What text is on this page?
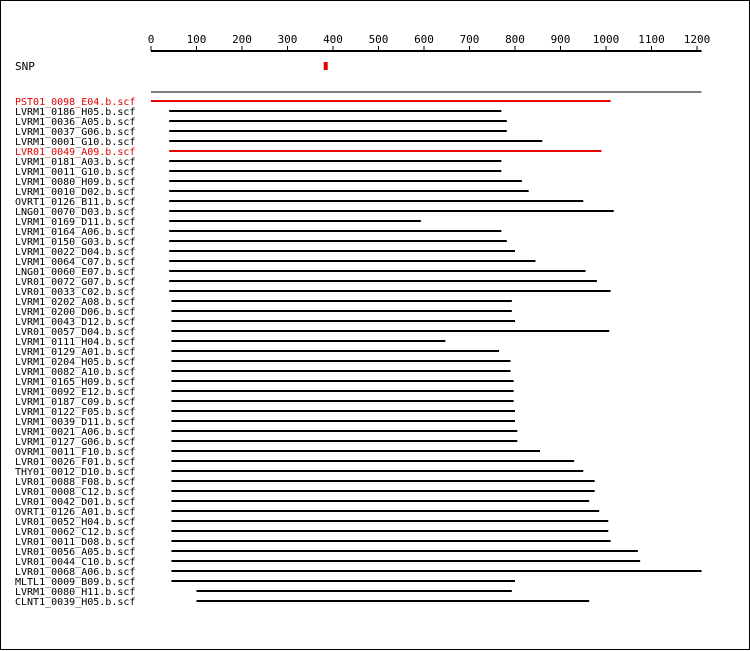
0	100 200 300 400 500 600 700 800 900 1000 1100 1200
SNP
PST01_0098_E04.b.scf
LVRM1_0186_H05.b.scf
LVRM1_0036_A05.b.scf
LVRM1_0037_G06.b.scf
LVRM1_0001_G10.b.scf
LVR01_0049_A09.b.scf
LVRM1_0181_A03.b.scf
LVRM1_0011_G10.b.scf
LVRM1_0080_H09.b.scf
LVRM1_0010_D02.b.scf
OVRT1_0126_B11.b.scf
LNG01_0070_D03.b.scf
LVRM1_0169_D11.b.scf
LVRM1_0164_A06.b.scf
LVRM1_0150_G03.b.scf
LVRM1_0022_D04.b.scf
LVRM1_0064_C07.b.scf
LNG01_0060_E07.b.scf
LVR01_0072_G07.b.scf
LVR01_0033_C02.b.scf
LVRM1_0202_A08.b.scf
LVRM1_0200_D06.b.scf
LVRM1_0043_D12.b.scf
LVR01_0057_D04.b.scf
LVRM1_0111_H04.b.scf
LVRM1_0129_A01.b.scf
LVRM1_0204_H05.b.scf
LVRM1_0082_A10.b.scf
LVRM1_0165_H09.b.scf
LVRM1_0092_E12.b.scf
LVRM1_0187_C09.b.scf
LVRM1_0122_F05.b.scf
LVRM1_0039_D11.b.scf
LVRM1_0021_A06.b.scf
LVRM1_0127_G06.b.scf
OVRM1_0011_F10.b.scf
LVR01_0026_F01.b.scf
THY01_0012_D10.b.scf
LVR01_0088_F08.b.scf
LVR01_0008_C12.b.scf
LVR01_0042_D01.b.scf
OVRT1_0126_A01.b.scf
LVR01_0052_H04.b.scf
LVR01_0062_C12.b.scf
LVR01_0011_D08.b.scf
LVR01_0056_A05.b.scf
LVR01_0044_C10.b.scf
LVR01_0068_A06.b.scf
MLTL1_0009_B09.b.scf
LVRM1_0080_H11.b.scf
CLNT1_0039_H05.b.scf
